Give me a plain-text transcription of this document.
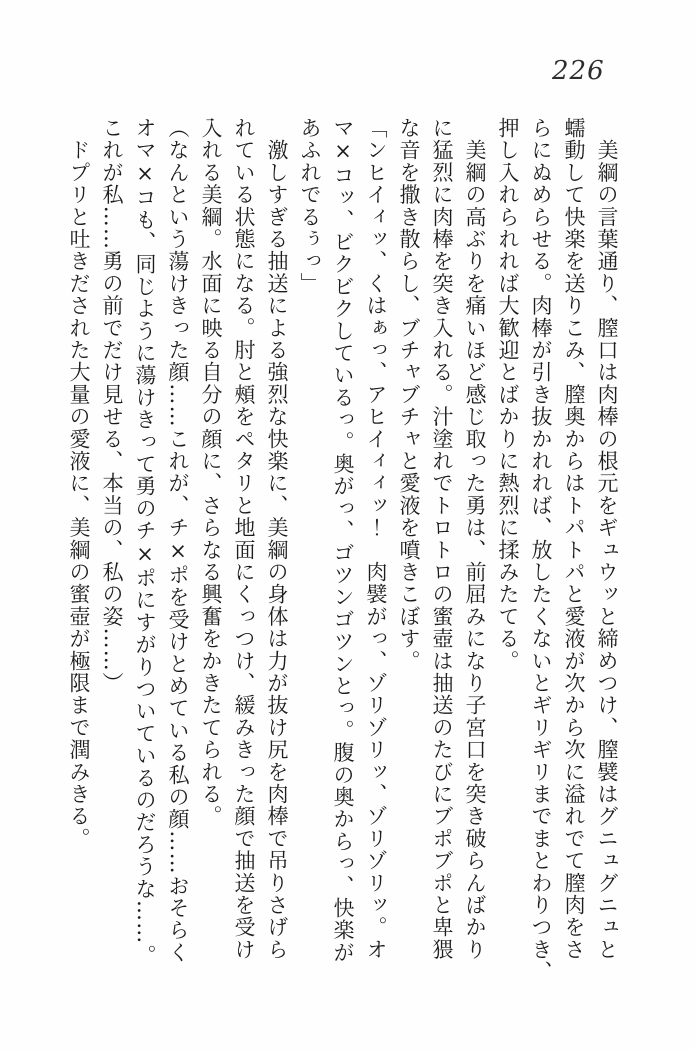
226
　美綱の言葉通り、膣口は肉棒の根元をギュウッと締めつけ、膣襞はグニュグニュと
蠕動して快楽を送りこみ、膣奥からはトパトパと愛液が次から次に溢れでて膣肉をさ
らにぬめらせる。肉棒が引き抜かれれば、放したくないとギリギリまでまとわりつき、
押し入れられれば大歓迎とばかりに熱烈に揉みたてる。
　美綱の高ぶりを痛いほど感じ取った勇は、前屈みになり子宮口を突き破らんばかり
に猛烈に肉棒を突き入れる。汁塗れでトロトロの蜜壺は抽送のたびにブポブポと卑猥
な音を撒き散らし、ブチャブチャと愛液を噴きこぼす。
「ンヒイィッ、くはぁっ、アヒイィィッ！　肉襞がっ、ゾリゾリッ、ゾリゾリッ。オ
マ×コッ、ビクビクしているっ。奥がっ、ゴツンゴツンとっ。腹の奥からっ、快楽が
あふれでるぅっ」
　激しすぎる抽送による強烈な快楽に、美綱の身体は力が抜け尻を肉棒で吊りさげら
れている状態になる。肘と頰をペタリと地面にくっつけ、緩みきった顔で抽送を受け
入れる美綱。水面に映る自分の顔に、さらなる興奮をかきたてられる。
（なんという蕩けきった顔……これが、チ×ポを受けとめている私の顔……おそらく
オマ×コも、同じように蕩けきって勇のチ×ポにすがりついているのだろうな……。
これが私……勇の前でだけ見せる、本当の、私の姿……）
　ドプリと吐きだされた大量の愛液に、美綱の蜜壺が極限まで潤みきる。
